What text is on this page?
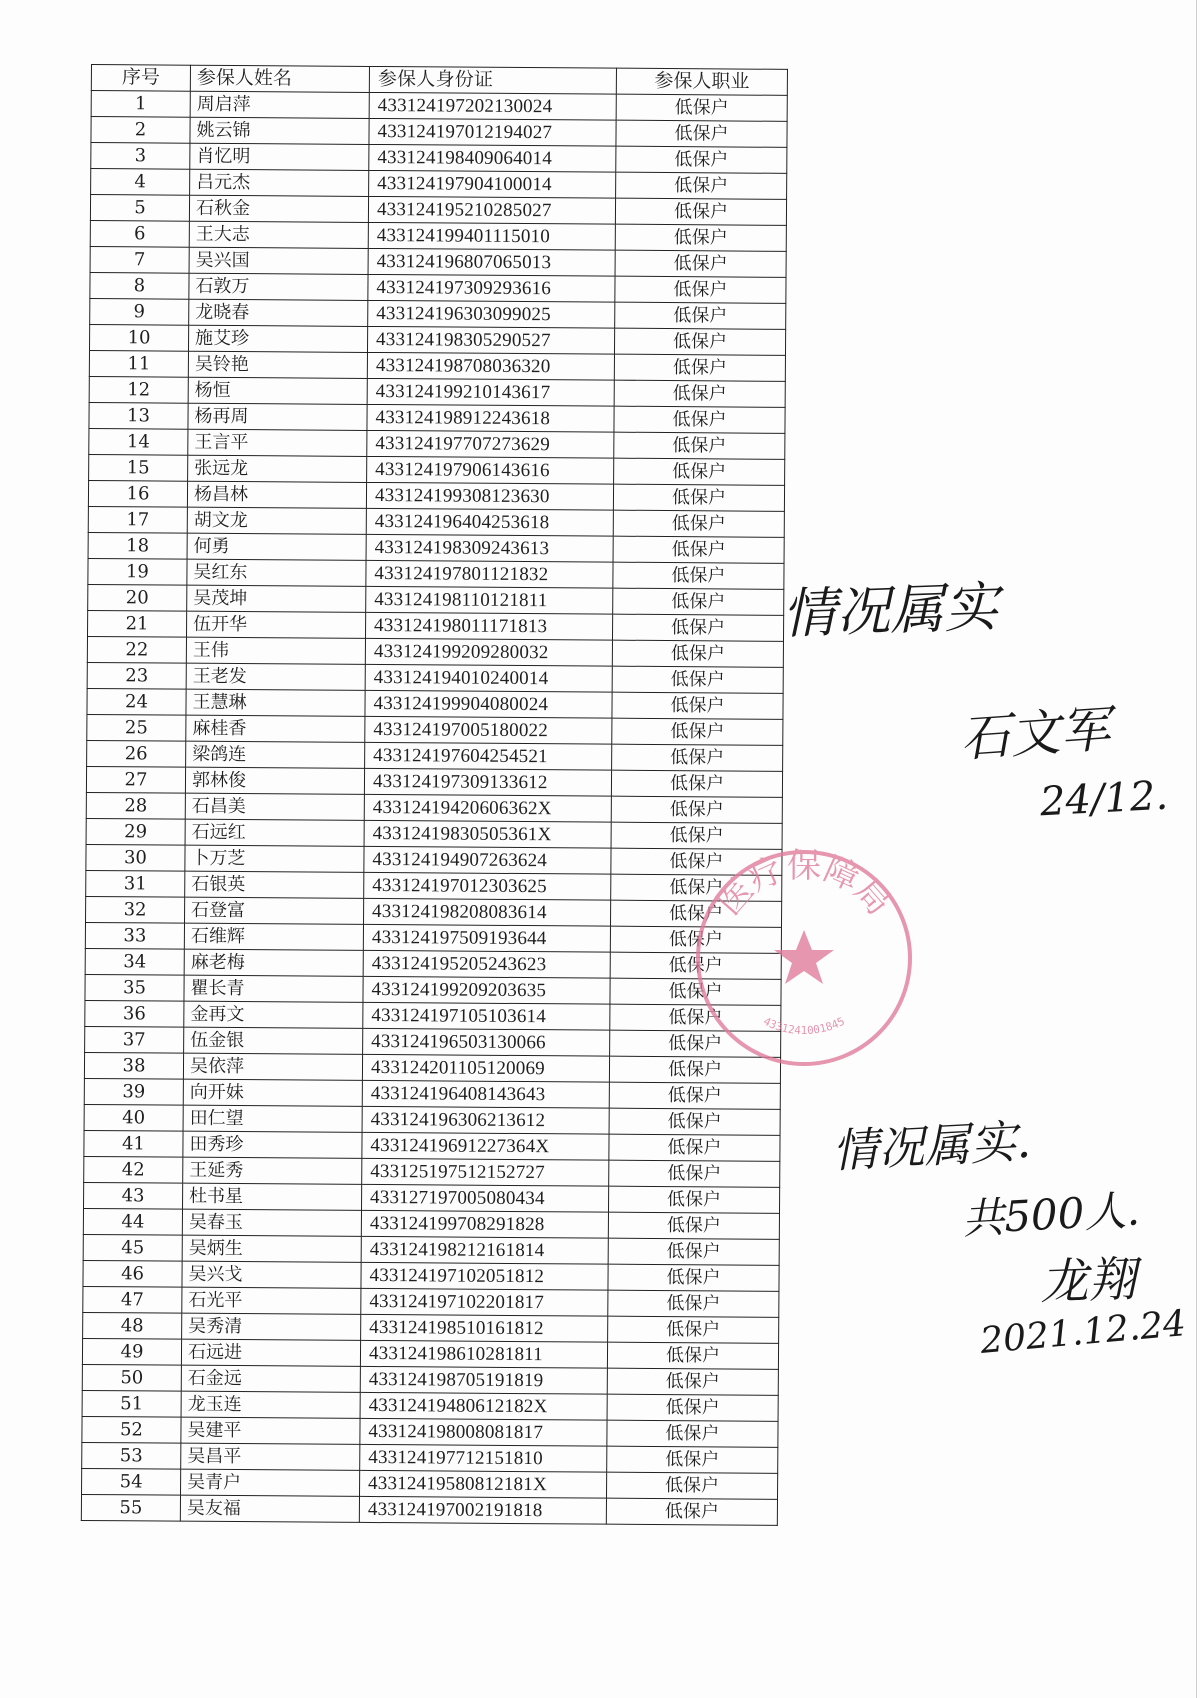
序号	参保人姓名	参保人身份证	参保人职业
1	周启萍	433124197202130024	低保户
2	姚云锦	433124197012194027	低保户
3	肖忆明	433124198409064014	低保户
4	吕元杰	433124197904100014	低保户
5	石秋金	433124195210285027	低保户
6	王大志	433124199401115010	低保户
7	吴兴国	433124196807065013	低保户
8	石敦万	433124197309293616	低保户
9	龙晓春	433124196303099025	低保户
10	施艾珍	433124198305290527	低保户
11	吴铃艳	433124198708036320	低保户
12	杨恒	433124199210143617	低保户
13	杨再周	433124198912243618	低保户
14	王言平	433124197707273629	低保户
15	张远龙	433124197906143616	低保户
16	杨昌林	433124199308123630	低保户
17	胡文龙	433124196404253618	低保户
18	何勇	433124198309243613	低保户
19	吴红东	433124197801121832	低保户
20	吴茂坤	433124198110121811	低保户
21	伍开华	433124198011171813	低保户
22	王伟	433124199209280032	低保户
23	王老发	433124194010240014	低保户
24	王慧琳	433124199904080024	低保户
25	麻桂香	433124197005180022	低保户
26	梁鸽连	433124197604254521	低保户
27	郭林俊	433124197309133612	低保户
28	石昌美	43312419420606362X	低保户
29	石远红	43312419830505361X	低保户
30	卜万芝	433124194907263624	低保户
31	石银英	433124197012303625	低保户
32	石登富	433124198208083614	低保户
33	石维辉	433124197509193644	低保户
34	麻老梅	433124195205243623	低保户
35	瞿长青	433124199209203635	低保户
36	金再文	433124197105103614	低保户
37	伍金银	433124196503130066	低保户
38	吴依萍	433124201105120069	低保户
39	向开妹	433124196408143643	低保户
40	田仁望	433124196306213612	低保户
41	田秀珍	43312419691227364X	低保户
42	王延秀	433125197512152727	低保户
43	杜书星	433127197005080434	低保户
44	吴春玉	433124199708291828	低保户
45	吴炳生	433124198212161814	低保户
46	吴兴戈	433124197102051812	低保户
47	石光平	433124197102201817	低保户
48	吴秀清	433124198510161812	低保户
49	石远进	433124198610281811	低保户
50	石金远	433124198705191819	低保户
51	龙玉连	43312419480612182X	低保户
52	吴建平	433124198008081817	低保户
53	吴昌平	433124197712151810	低保户
54	吴青户	43312419580812181X	低保户
55	吴友福	433124197002191818	低保户
情况属实
石文军
24/12.
情况属实.
共500人.
龙翔
2021.12.24
医疗保障局
4331241001845
